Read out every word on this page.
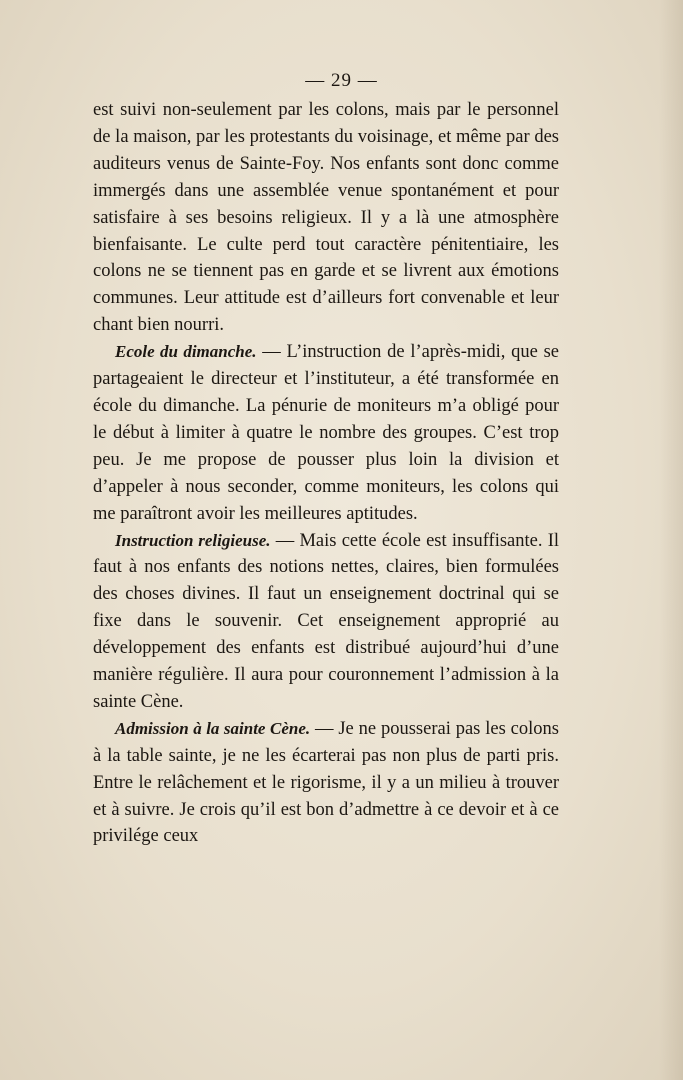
— 29 —

est suivi non-seulement par les colons, mais par le personnel de la maison, par les protestants du voisinage, et même par des auditeurs venus de Sainte-Foy. Nos enfants sont donc comme immergés dans une assemblée venue spontanément et pour satisfaire à ses besoins religieux. Il y a là une atmosphère bienfaisante. Le culte perd tout caractère pénitentiaire, les colons ne se tiennent pas en garde et se livrent aux émotions communes. Leur attitude est d’ailleurs fort convenable et leur chant bien nourri.

Ecole du dimanche. — L’instruction de l’après-midi, que se partageaient le directeur et l’instituteur, a été transformée en école du dimanche. La pénurie de moniteurs m’a obligé pour le début à limiter à quatre le nombre des groupes. C’est trop peu. Je me propose de pousser plus loin la division et d’appeler à nous seconder, comme moniteurs, les colons qui me paraîtront avoir les meilleures aptitudes.

Instruction religieuse. — Mais cette école est insuffisante. Il faut à nos enfants des notions nettes, claires, bien formulées des choses divines. Il faut un enseignement doctrinal qui se fixe dans le souvenir. Cet enseignement approprié au développement des enfants est distribué aujourd’hui d’une manière régulière. Il aura pour couronnement l’admission à la sainte Cène.

Admission à la sainte Cène. — Je ne pousserai pas les colons à la table sainte, je ne les écarterai pas non plus de parti pris. Entre le relâchement et le rigorisme, il y a un milieu à trouver et à suivre. Je crois qu’il est bon d’admettre à ce devoir et à ce privilége ceux
